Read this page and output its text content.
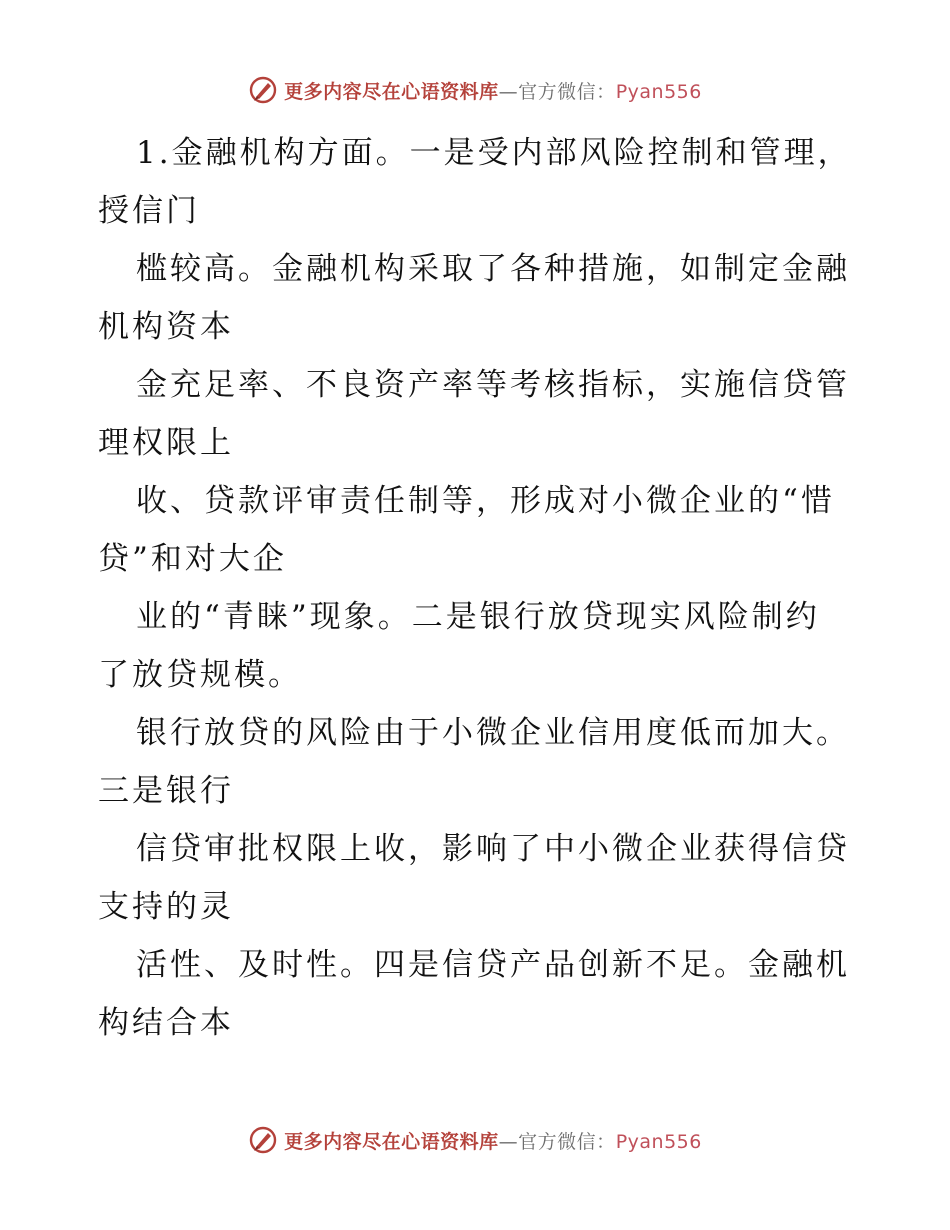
更多内容尽在心语资料库—官方微信：Pyan556
1.金融机构方面。一是受内部风险控制和管理，
授信门
槛较高。金融机构采取了各种措施，如制定金融
机构资本
金充足率、不良资产率等考核指标，实施信贷管
理权限上
收、贷款评审责任制等，形成对小微企业的“惜
贷”和对大企
业的“青睐”现象。二是银行放贷现实风险制约
了放贷规模。
银行放贷的风险由于小微企业信用度低而加大。
三是银行
信贷审批权限上收，影响了中小微企业获得信贷
支持的灵
活性、及时性。四是信贷产品创新不足。金融机
构结合本
更多内容尽在心语资料库—官方微信：Pyan556
